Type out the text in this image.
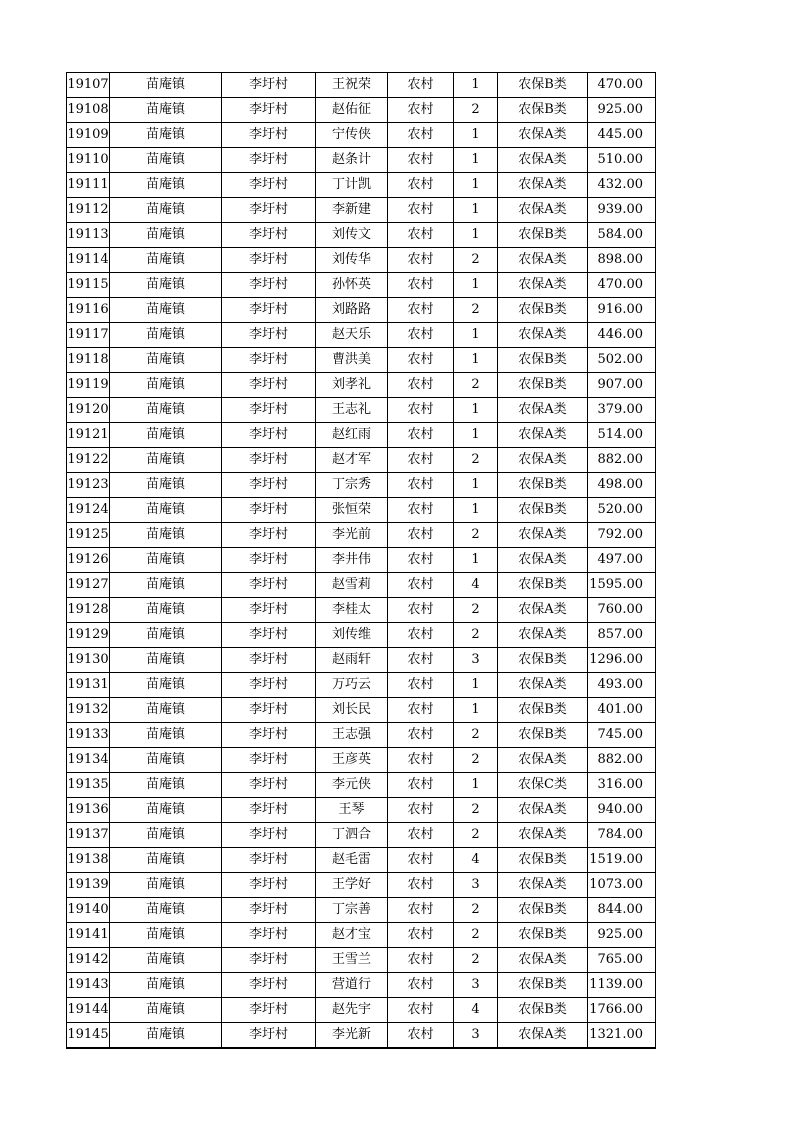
19107	苗庵镇	李圩村	王祝荣	农村	1	农保B类	470.00
19108	苗庵镇	李圩村	赵佑征	农村	2	农保B类	925.00
19109	苗庵镇	李圩村	宁传侠	农村	1	农保A类	445.00
19110	苗庵镇	李圩村	赵条计	农村	1	农保A类	510.00
19111	苗庵镇	李圩村	丁计凯	农村	1	农保A类	432.00
19112	苗庵镇	李圩村	李新建	农村	1	农保A类	939.00
19113	苗庵镇	李圩村	刘传文	农村	1	农保B类	584.00
19114	苗庵镇	李圩村	刘传华	农村	2	农保A类	898.00
19115	苗庵镇	李圩村	孙怀英	农村	1	农保A类	470.00
19116	苗庵镇	李圩村	刘路路	农村	2	农保B类	916.00
19117	苗庵镇	李圩村	赵天乐	农村	1	农保A类	446.00
19118	苗庵镇	李圩村	曹洪美	农村	1	农保B类	502.00
19119	苗庵镇	李圩村	刘孝礼	农村	2	农保B类	907.00
19120	苗庵镇	李圩村	王志礼	农村	1	农保A类	379.00
19121	苗庵镇	李圩村	赵红雨	农村	1	农保A类	514.00
19122	苗庵镇	李圩村	赵才军	农村	2	农保A类	882.00
19123	苗庵镇	李圩村	丁宗秀	农村	1	农保B类	498.00
19124	苗庵镇	李圩村	张恒荣	农村	1	农保B类	520.00
19125	苗庵镇	李圩村	李光前	农村	2	农保A类	792.00
19126	苗庵镇	李圩村	李井伟	农村	1	农保A类	497.00
19127	苗庵镇	李圩村	赵雪莉	农村	4	农保B类	1595.00
19128	苗庵镇	李圩村	李桂太	农村	2	农保A类	760.00
19129	苗庵镇	李圩村	刘传维	农村	2	农保A类	857.00
19130	苗庵镇	李圩村	赵雨轩	农村	3	农保B类	1296.00
19131	苗庵镇	李圩村	万巧云	农村	1	农保A类	493.00
19132	苗庵镇	李圩村	刘长民	农村	1	农保B类	401.00
19133	苗庵镇	李圩村	王志强	农村	2	农保B类	745.00
19134	苗庵镇	李圩村	王彦英	农村	2	农保A类	882.00
19135	苗庵镇	李圩村	李元侠	农村	1	农保C类	316.00
19136	苗庵镇	李圩村	王琴	农村	2	农保A类	940.00
19137	苗庵镇	李圩村	丁泗合	农村	2	农保A类	784.00
19138	苗庵镇	李圩村	赵毛雷	农村	4	农保B类	1519.00
19139	苗庵镇	李圩村	王学好	农村	3	农保A类	1073.00
19140	苗庵镇	李圩村	丁宗善	农村	2	农保B类	844.00
19141	苗庵镇	李圩村	赵才宝	农村	2	农保B类	925.00
19142	苗庵镇	李圩村	王雪兰	农村	2	农保A类	765.00
19143	苗庵镇	李圩村	营道行	农村	3	农保B类	1139.00
19144	苗庵镇	李圩村	赵先宇	农村	4	农保B类	1766.00
19145	苗庵镇	李圩村	李光新	农村	3	农保A类	1321.00
